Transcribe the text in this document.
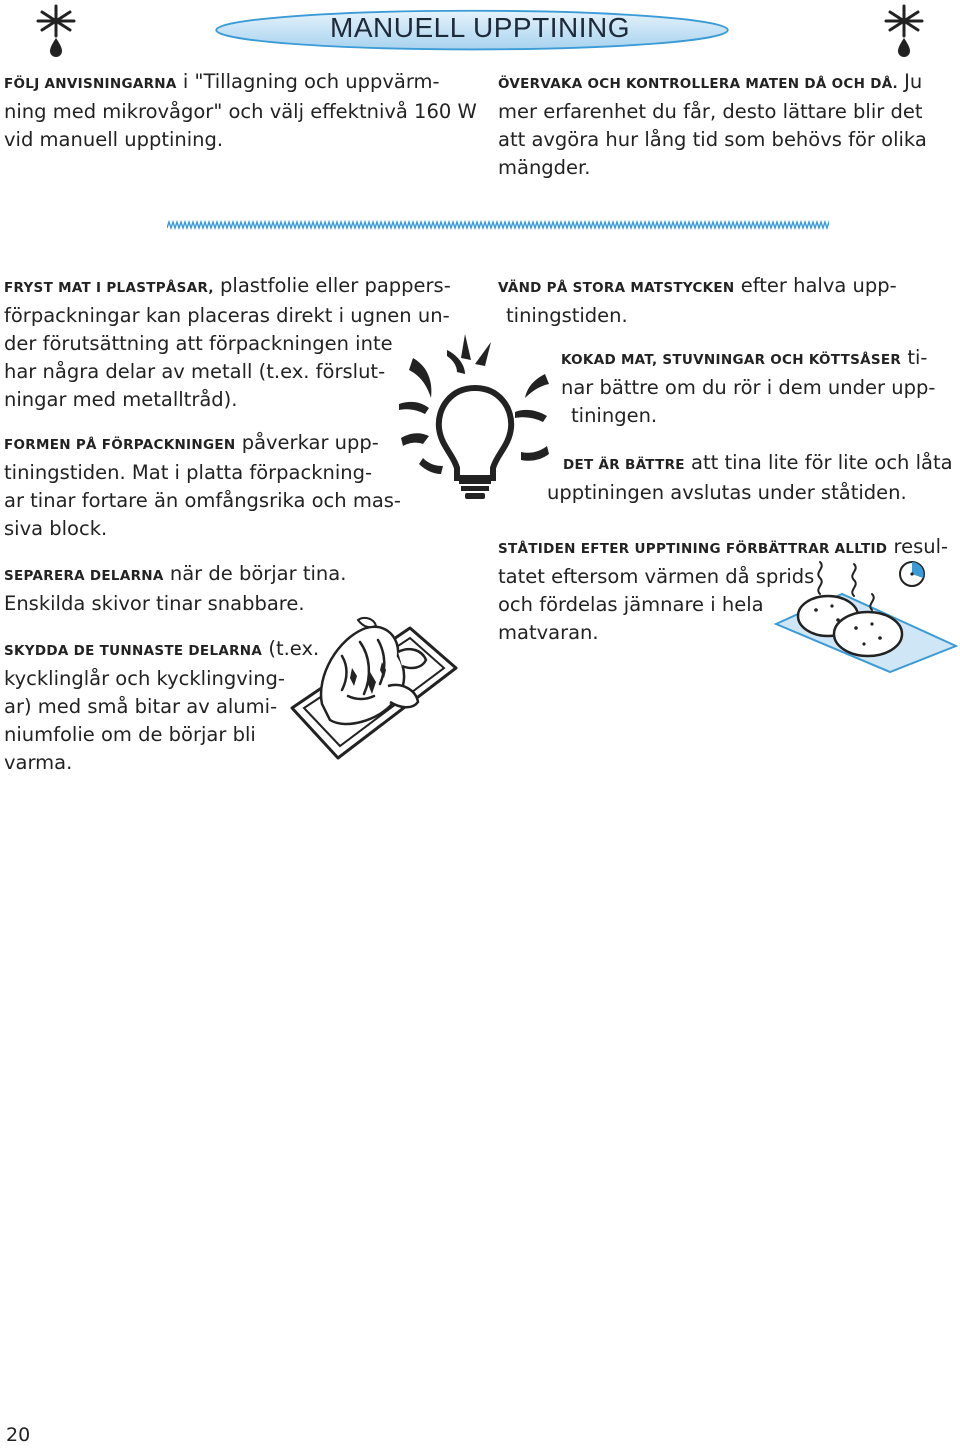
MANUELL UPPTINING

FÖLJ ANVISNINGARNA i "Tillagning och uppvärm-
ning med mikrovågor" och välj effektnivå 160 W
vid manuell upptining.

ÖVERVAKA OCH KONTROLLERA MATEN DÅ OCH DÅ. Ju
mer erfarenhet du får, desto lättare blir det
att avgöra hur lång tid som behövs för olika
mängder.

FRYST MAT I PLASTPÅSAR, plastfolie eller pappers-
förpackningar kan placeras direkt i ugnen un-
der förutsättning att förpackningen inte
har några delar av metall (t.ex. förslut-
ningar med metalltråd).

FORMEN PÅ FÖRPACKNINGEN påverkar upp-
tiningstiden. Mat i platta förpackning-
ar tinar fortare än omfångsrika och mas-
siva block.

SEPARERA DELARNA när de börjar tina.
Enskilda skivor tinar snabbare.

SKYDDA DE TUNNASTE DELARNA (t.ex.
kycklinglår och kycklingving-
ar) med små bitar av alumi-
niumfolie om de börjar bli
varma.

VÄND PÅ STORA MATSTYCKEN efter halva upp-
tiningstiden.

KOKAD MAT, STUVNINGAR OCH KÖTTSÅSER ti-
nar bättre om du rör i dem under upp-
tiningen.

DET ÄR BÄTTRE att tina lite för lite och låta
upptiningen avslutas under ståtiden.

STÅTIDEN EFTER UPPTINING FÖRBÄTTRAR ALLTID resul-
tatet eftersom värmen då sprids
och fördelas jämnare i hela
matvaran.

20
